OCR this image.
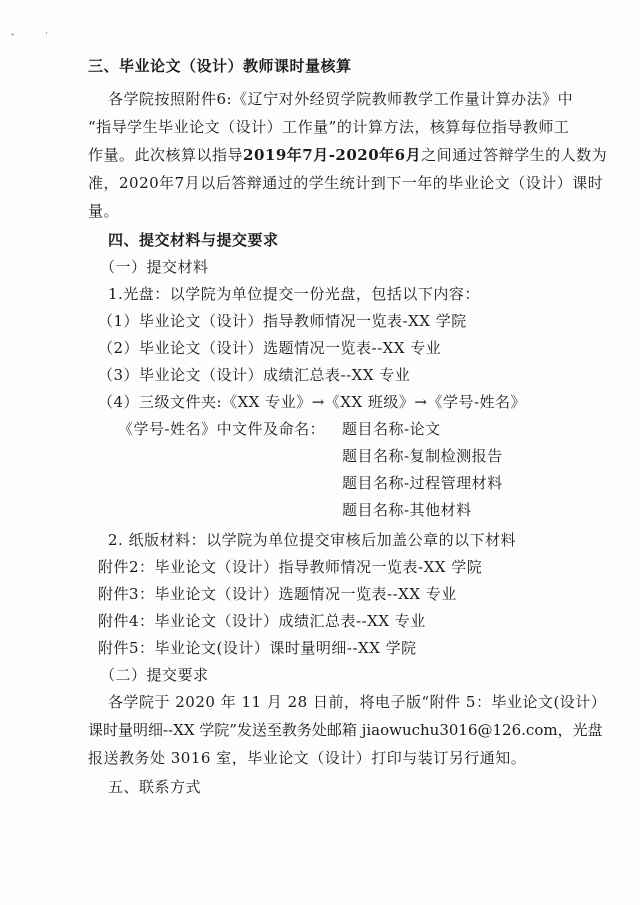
ˇ	˙
三、毕业论文（设计）教师课时量核算
各学院按照附件6:《辽宁对外经贸学院教师教学工作量计算办法》中
“指导学生毕业论文（设计）工作量”的计算方法，核算每位指导教师工
作量。此次核算以指导2019年7月-2020年6月之间通过答辩学生的人数为
准，2020年7月以后答辩通过的学生统计到下一年的毕业论文（设计）课时
量。
四、提交材料与提交要求
（一）提交材料
1.光盘：以学院为单位提交一份光盘，包括以下内容：
（1）毕业论文（设计）指导教师情况一览表-XX 学院
（2）毕业论文（设计）选题情况一览表--XX 专业
（3）毕业论文（设计）成绩汇总表--XX 专业
（4）三级文件夹:《XX 专业》→《XX 班级》→《学号-姓名》
《学号-姓名》中文件及命名： 题目名称-论文
题目名称-复制检测报告
题目名称-过程管理材料
题目名称-其他材料
2. 纸版材料：以学院为单位提交审核后加盖公章的以下材料
附件2：毕业论文（设计）指导教师情况一览表-XX 学院
附件3：毕业论文（设计）选题情况一览表--XX 专业
附件4：毕业论文（设计）成绩汇总表--XX 专业
附件5：毕业论文(设计）课时量明细--XX 学院
（二）提交要求
各学院于 2020 年 11 月 28 日前，将电子版“附件 5：毕业论文(设计）
课时量明细--XX 学院”发送至教务处邮箱 jiaowuchu3016@126.com，光盘
报送教务处 3016 室，毕业论文（设计）打印与装订另行通知。
五、联系方式
